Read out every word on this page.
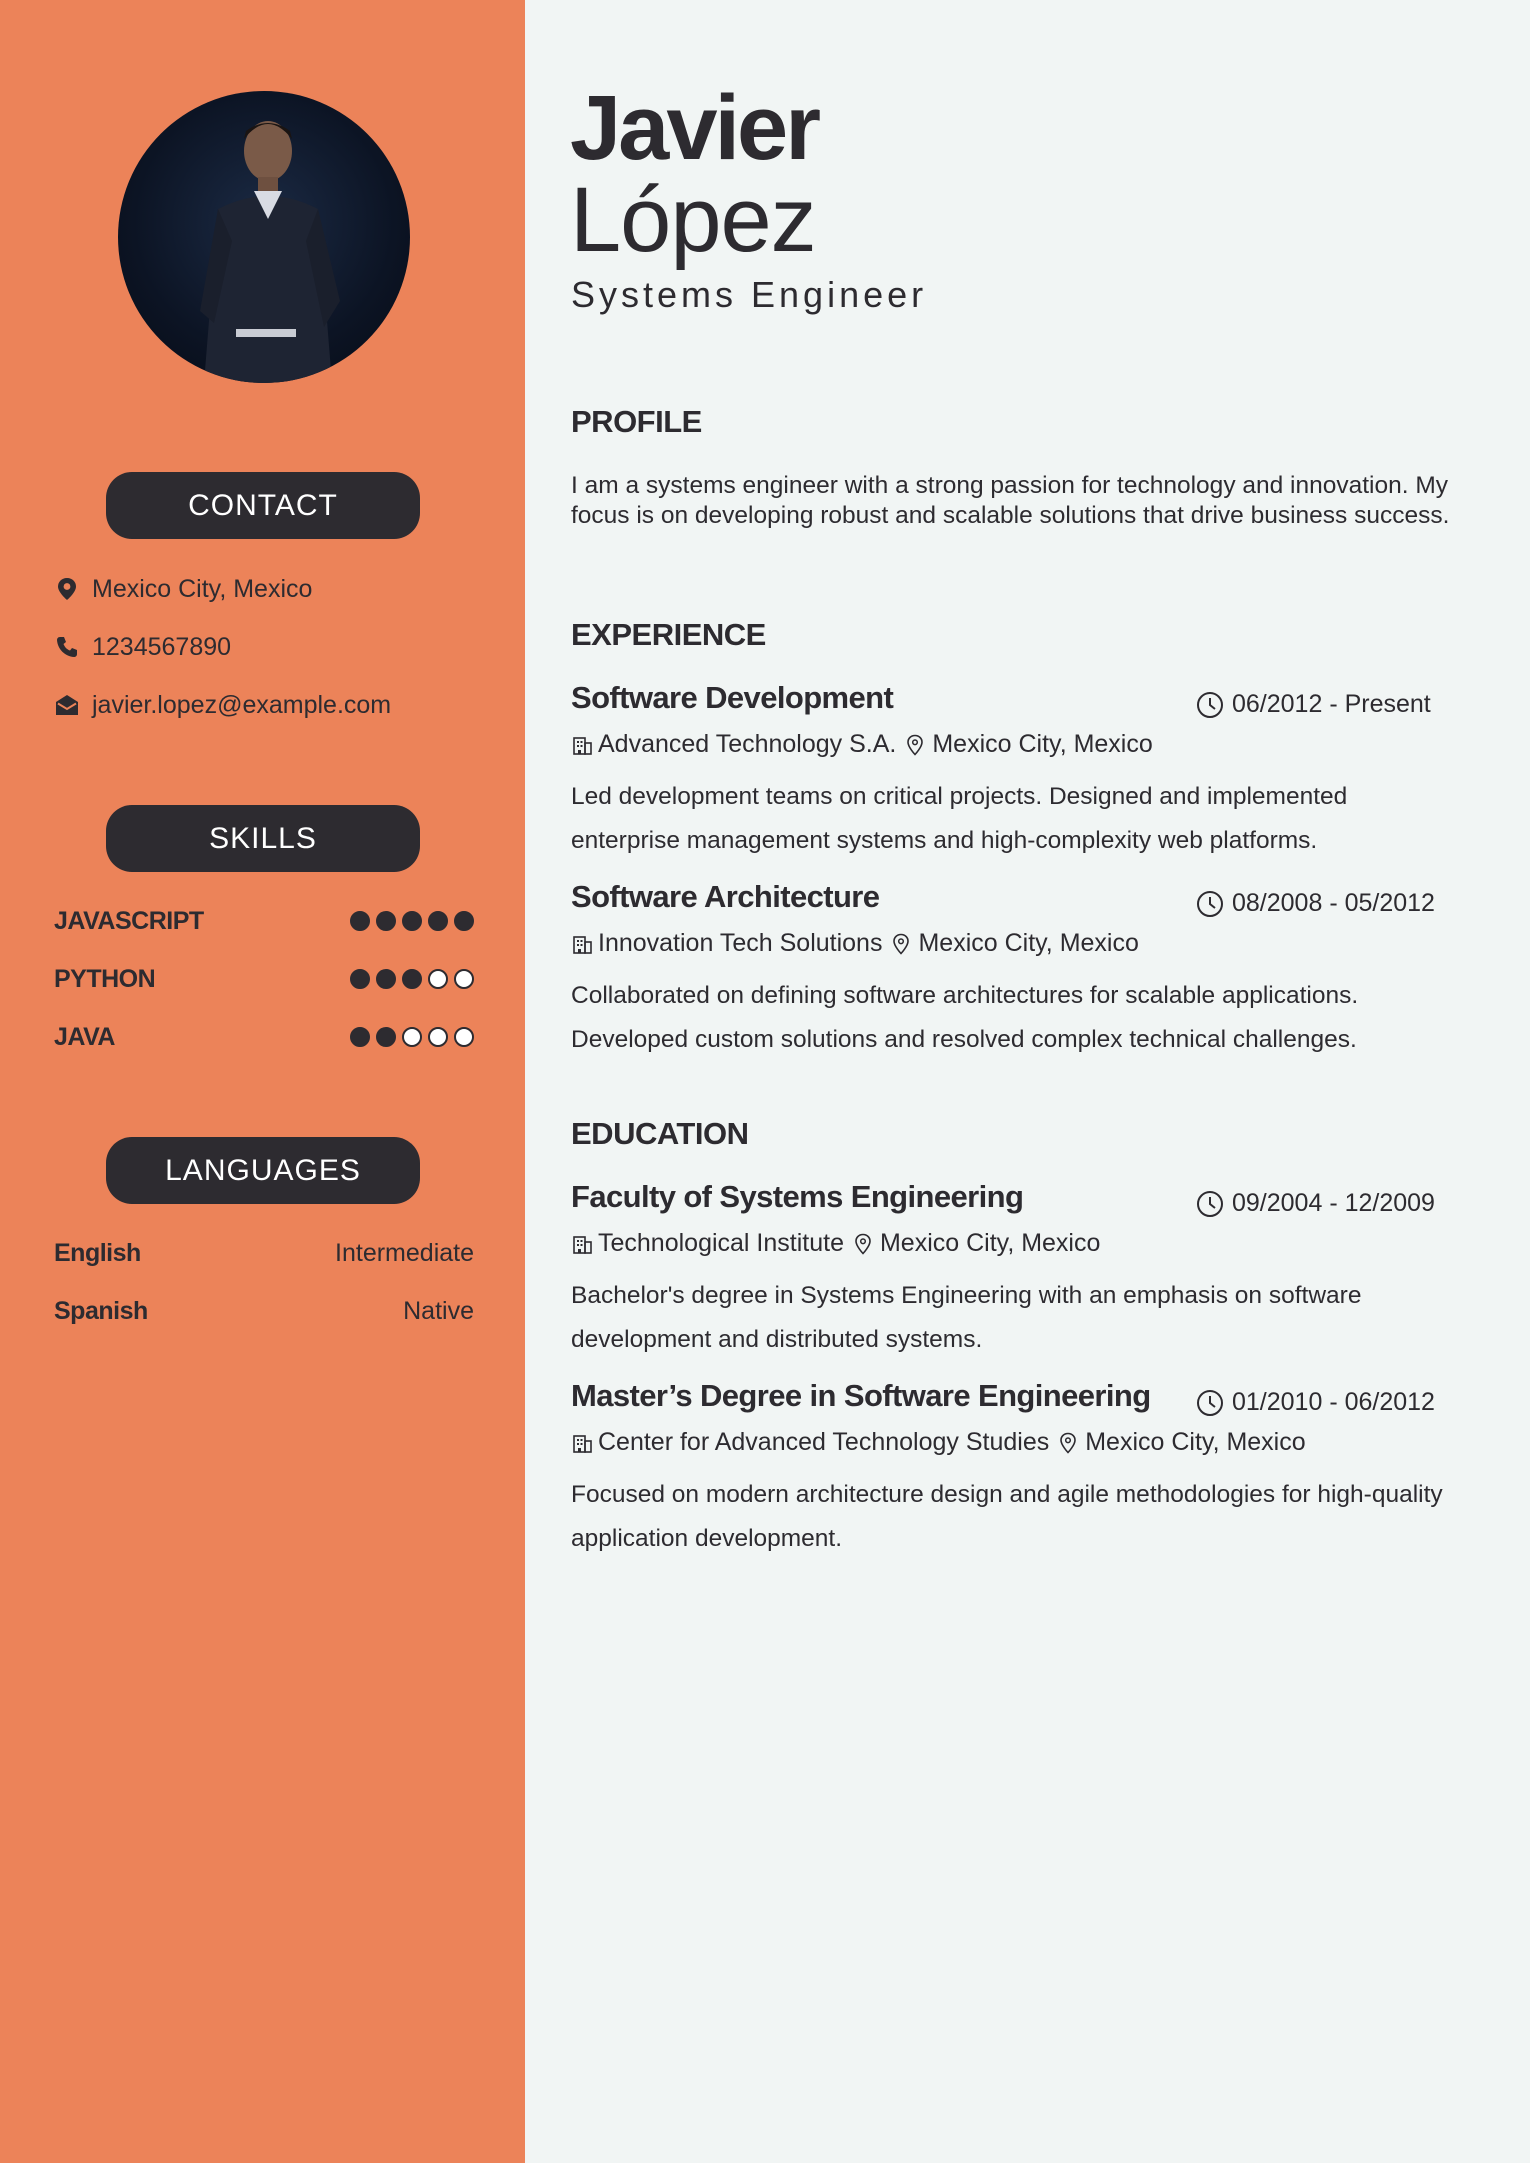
CONTACT
Mexico City, Mexico
1234567890
javier.lopez@example.com
SKILLS
JAVASCRIPT
PYTHON
JAVA
LANGUAGES
English	Intermediate
Spanish	Native
Javier
López
Systems Engineer
PROFILE
I am a systems engineer with a strong passion for technology and innovation. My focus is on developing robust and scalable solutions that drive business success.
EXPERIENCE
Software Development	06/2012 - Present
Advanced Technology S.A. Mexico City, Mexico
Led development teams on critical projects. Designed and implemented enterprise management systems and high-complexity web platforms.
Software Architecture	08/2008 - 05/2012
Innovation Tech Solutions Mexico City, Mexico
Collaborated on defining software architectures for scalable applications. Developed custom solutions and resolved complex technical challenges.
EDUCATION
Faculty of Systems Engineering	09/2004 - 12/2009
Technological Institute Mexico City, Mexico
Bachelor's degree in Systems Engineering with an emphasis on software development and distributed systems.
Master’s Degree in Software Engineering	01/2010 - 06/2012
Center for Advanced Technology Studies Mexico City, Mexico
Focused on modern architecture design and agile methodologies for high-quality application development.
